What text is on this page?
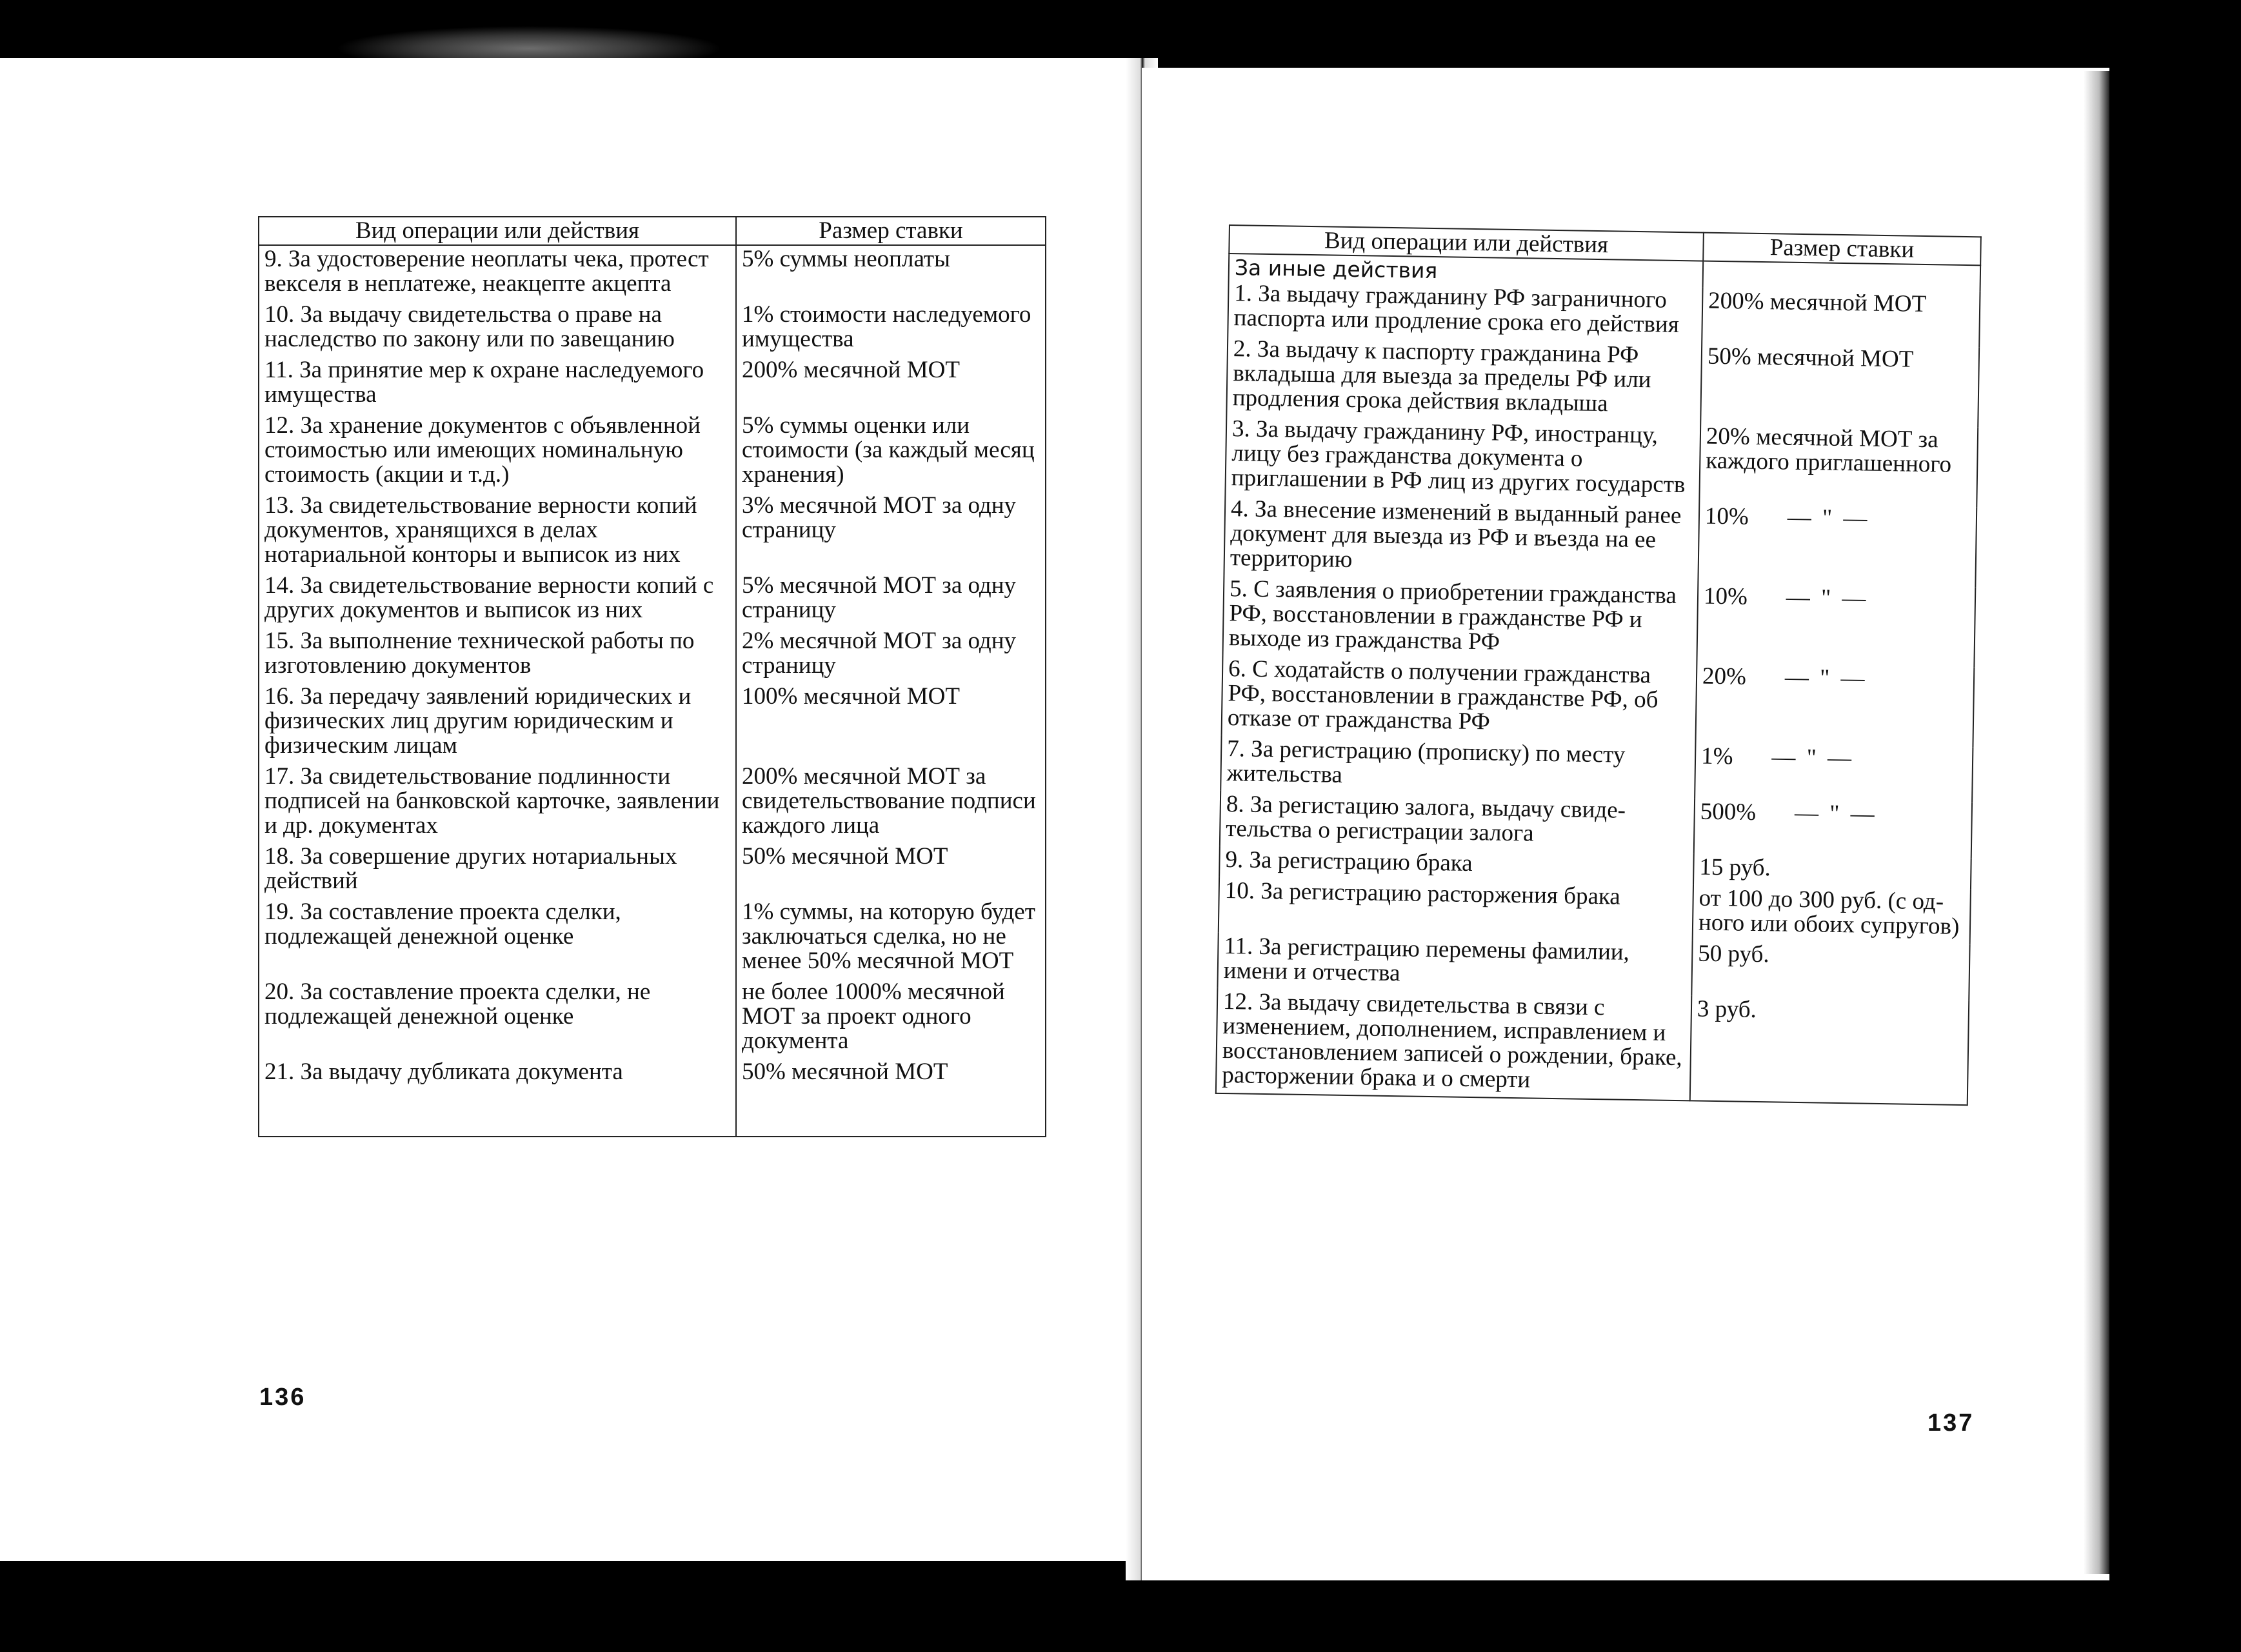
Вид операции или действия	Размер ставки
9. За удостоверение неоплаты чека, протест векселя в неплатеже, неакцепте акцепта	5% суммы неоплаты
10. За выдачу свидетельства о праве на наследство по закону или по завещанию	1% стоимости наследуемого имущества
11. За принятие мер к охране наследуемого имущества	200% месячной МОТ
12. За хранение документов с объявленной стоимостью или имеющих номинальную стоимость (акции и т.д.)	5% суммы оценки или стоимости (за каждый месяц хранения)
13. За свидетельствование верности копий документов, хранящихся в делах нотариальной конторы и выписок из них	3% месячной МОТ за одну страницу
14. За свидетельствование верности копий с других документов и выписок из них	5% месячной МОТ за одну страницу
15. За выполнение технической работы по изготовлению документов	2% месячной МОТ за одну страницу
16. За передачу заявлений юридических и физических лиц другим юридическим и физическим лицам	100% месячной МОТ
17. За свидетельствование подлинности подписей на банковской карточке, заявлении и др. документах	200% месячной МОТ за свидетельствование подписи каждого лица
18. За совершение других нотариальных действий	50% месячной МОТ
19. За составление проекта сделки, подлежащей денежной оценке	1% суммы, на которую будет заключаться сделка, но не менее 50% месячной МОТ
20. За составление проекта сделки, не подлежащей денежной оценке	не более 1000% месячной МОТ за проект одного документа
21. За выдачу дубликата документа	50% месячной МОТ
136
Вид операции или действия	Размер ставки
За иные действия	
1. За выдачу гражданину РФ заграничного паспорта или продление срока его действия	200% месячной МОТ
2. За выдачу к паспорту гражданина РФ вкладыша для выезда за пределы РФ или продления срока действия вкладыша	50% месячной МОТ
3. За выдачу гражданину РФ, иностранцу, лицу без гражданства документа о приглашении в РФ лиц из других государств	20% месячной МОТ за каждого приглашенного
4. За внесение изменений в выданный ранее документ для выезда из РФ и въезда на ее территорию	10% — " —
5. С заявления о приобретении гражданства РФ, восстановлении в гражданстве РФ и выходе из гражданства РФ	10% — " —
6. С ходатайств о получении гражданства РФ, восстановлении в гражданстве РФ, об отказе от гражданства РФ	20% — " —
7. За регистрацию (прописку) по месту жительства	1% — " —
8. За регистацию залога, выдачу свидетельства о регистрации залога	500% — " —
9. За регистрацию брака	15 руб.
10. За регистрацию расторжения брака	от 100 до 300 руб. (с одного или обоих супругов)
11. За регистрацию перемены фамилии, имени и отчества	50 руб.
12. За выдачу свидетельства в связи с изменением, дополнением, исправлением и восстановлением записей о рождении, браке, расторжении брака и о смерти	3 руб.
137
